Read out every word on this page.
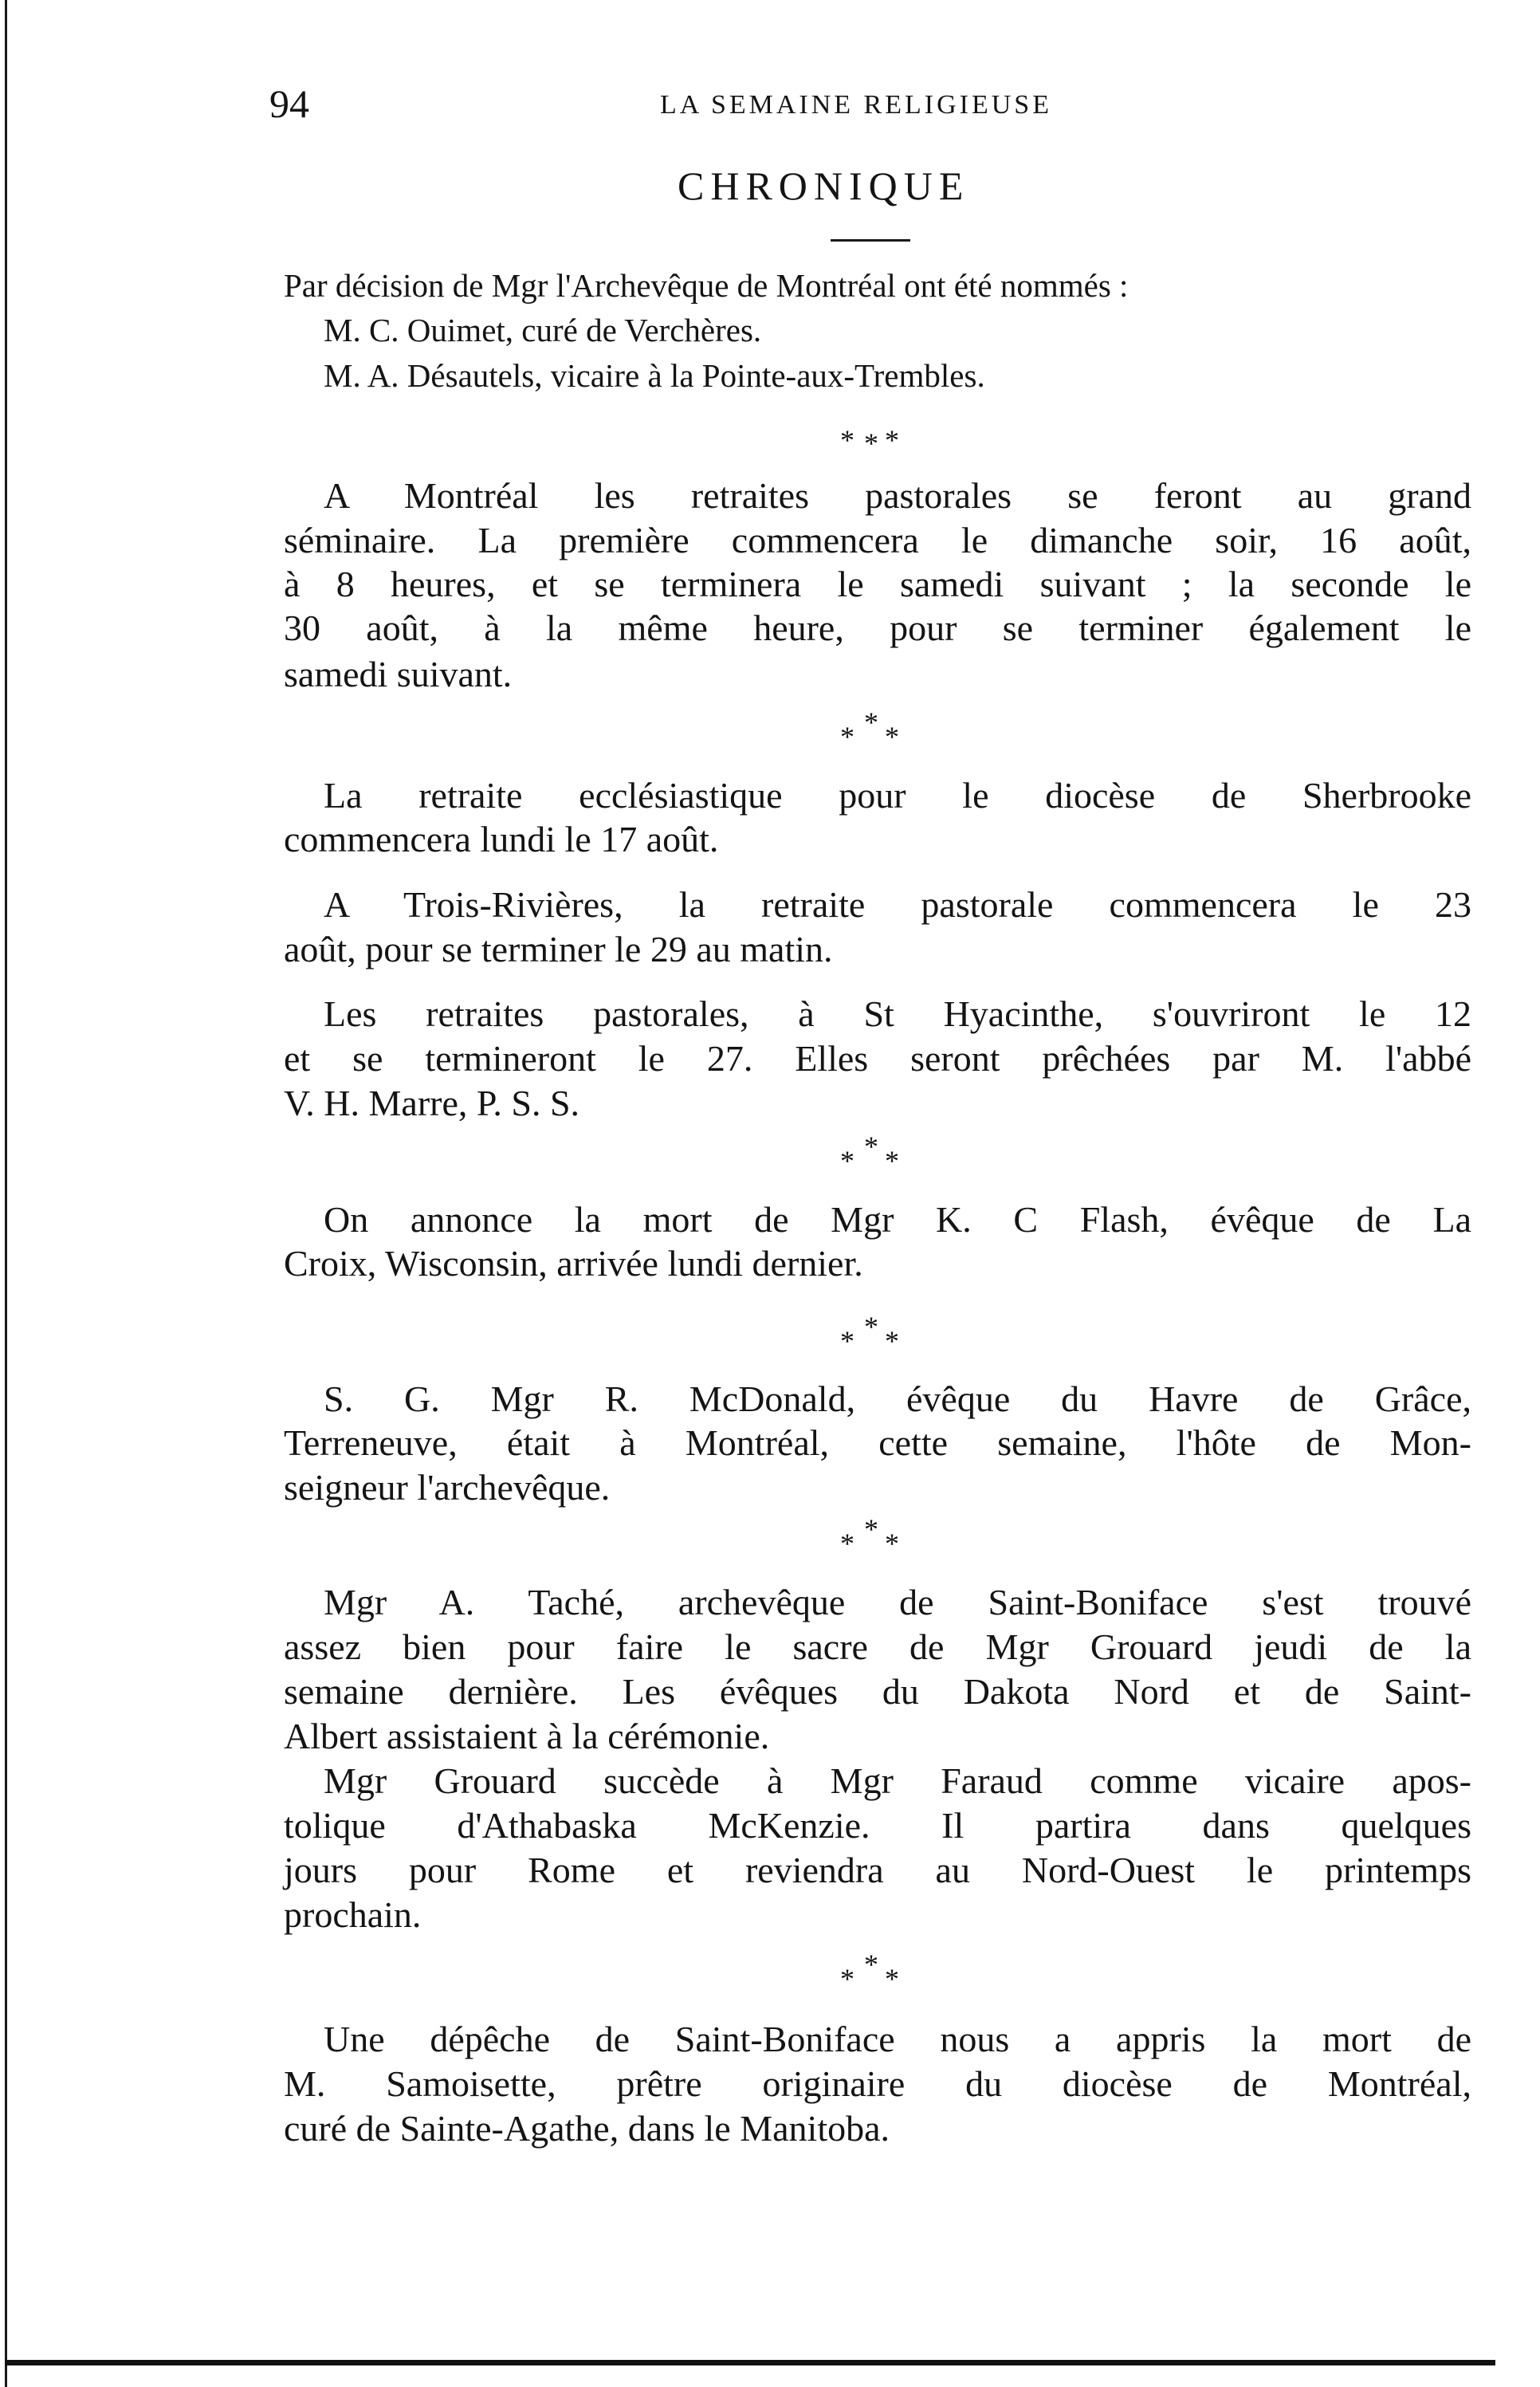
94	LA SEMAINE RELIGIEUSE
CHRONIQUE
Par décision de Mgr l'Archevêque de Montréal ont été nommés :
M. C. Ouimet, curé de Verchères.
M. A. Désautels, vicaire à la Pointe-aux-Trembles.
* *
*
A Montréal les retraites pastorales se feront au grand
séminaire. La première commencera le dimanche soir, 16 août,
à 8 heures, et se terminera le samedi suivant ; la seconde le
30 août, à la même heure, pour se terminer également le
samedi suivant.
*
* *
La retraite ecclésiastique pour le diocèse de Sherbrooke
commencera lundi le 17 août.
A Trois-Rivières, la retraite pastorale commencera le 23
août, pour se terminer le 29 au matin.
Les retraites pastorales, à St Hyacinthe, s'ouvriront le 12
et se termineront le 27. Elles seront prêchées par M. l'abbé
V. H. Marre, P. S. S.
*
* *
On annonce la mort de Mgr K. C Flash, évêque de La
Croix, Wisconsin, arrivée lundi dernier.
*
* *
S. G. Mgr R. McDonald, évêque du Havre de Grâce,
Terreneuve, était à Montréal, cette semaine, l'hôte de Mon-
seigneur l'archevêque.
*
* *
Mgr A. Taché, archevêque de Saint-Boniface s'est trouvé
assez bien pour faire le sacre de Mgr Grouard jeudi de la
semaine dernière. Les évêques du Dakota Nord et de Saint-
Albert assistaient à la cérémonie.
Mgr Grouard succède à Mgr Faraud comme vicaire apos-
tolique d'Athabaska McKenzie. Il partira dans quelques
jours pour Rome et reviendra au Nord-Ouest le printemps
prochain.
*
* *
Une dépêche de Saint-Boniface nous a appris la mort de
M. Samoisette, prêtre originaire du diocèse de Montréal,
curé de Sainte-Agathe, dans le Manitoba.
